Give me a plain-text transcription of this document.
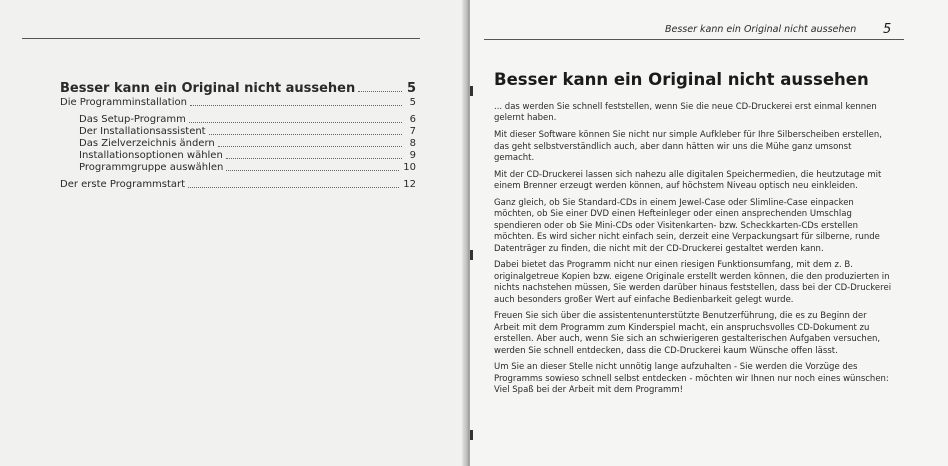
Besser kann ein Original nicht aussehen	5
Die Programminstallation	5
Das Setup-Programm	6
Der Installationsassistent	7
Das Zielverzeichnis ändern	8
Installationsoptionen wählen	9
Programmgruppe auswählen	10
Der erste Programmstart	12
Besser kann ein Original nicht aussehen 5
Besser kann ein Original nicht aussehen

... das werden Sie schnell feststellen, wenn Sie die neue CD-Druckerei erst einmal kennen gelernt haben.

Mit dieser Software können Sie nicht nur simple Aufkleber für Ihre Silberscheiben erstellen, das geht selbstverständlich auch, aber dann hätten wir uns die Mühe ganz umsonst gemacht.

Mit der CD-Druckerei lassen sich nahezu alle digitalen Speichermedien, die heutzutage mit einem Brenner erzeugt werden können, auf höchstem Niveau optisch neu einkleiden.

Ganz gleich, ob Sie Standard-CDs in einem Jewel-Case oder Slimline-Case einpacken möchten, ob Sie einer DVD einen Hefteinleger oder einen ansprechenden Umschlag spendieren oder ob Sie Mini-CDs oder Visitenkarten- bzw. Scheckkarten-CDs erstellen möchten. Es wird sicher nicht einfach sein, derzeit eine Verpackungsart für silberne, runde Datenträger zu finden, die nicht mit der CD-Druckerei gestaltet werden kann.

Dabei bietet das Programm nicht nur einen riesigen Funktionsumfang, mit dem z. B. originalgetreue Kopien bzw. eigene Originale erstellt werden können, die den produzierten in nichts nachstehen müssen, Sie werden darüber hinaus feststellen, dass bei der CD-Druckerei auch besonders großer Wert auf einfache Bedienbarkeit gelegt wurde.

Freuen Sie sich über die assistentenunterstützte Benutzerführung, die es zu Beginn der Arbeit mit dem Programm zum Kinderspiel macht, ein anspruchsvolles CD-Dokument zu erstellen. Aber auch, wenn Sie sich an schwierigeren gestalterischen Aufgaben versuchen, werden Sie schnell entdecken, dass die CD-Druckerei kaum Wünsche offen lässt.

Um Sie an dieser Stelle nicht unnötig lange aufzuhalten - Sie werden die Vorzüge des Programms sowieso schnell selbst entdecken - möchten wir Ihnen nur noch eines wünschen: Viel Spaß bei der Arbeit mit dem Programm!
